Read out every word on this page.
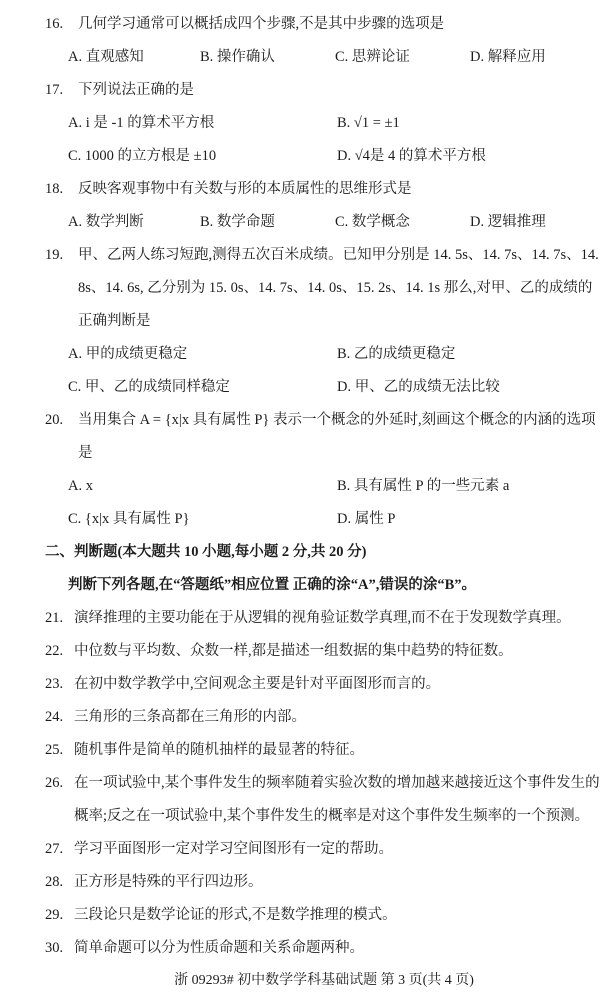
16.	几何学习通常可以概括成四个步骤,不是其中步骤的选项是
A. 直观感知	B. 操作确认	C. 思辨论证	D. 解释应用
17.	下列说法正确的是
A. i 是 -1 的算术平方根	B. √1 = ±1
C. 1000 的立方根是 ±10	D. √4是 4 的算术平方根
18.	反映客观事物中有关数与形的本质属性的思维形式是
A. 数学判断	B. 数学命题	C. 数学概念	D. 逻辑推理
19.	甲、乙两人练习短跑,测得五次百米成绩。已知甲分别是 14. 5s、14. 7s、14. 7s、14. 8s、14. 6s, 乙分别为 15. 0s、14. 7s、14. 0s、15. 2s、14. 1s 那么,对甲、乙的成绩的正确判断是
A. 甲的成绩更稳定	B. 乙的成绩更稳定
C. 甲、乙的成绩同样稳定	D. 甲、乙的成绩无法比较
20.	当用集合 A = {x|x 具有属性 P} 表示一个概念的外延时,刻画这个概念的内涵的选项是
A. x	B. 具有属性 P 的一些元素 a
C. {x|x 具有属性 P}	D. 属性 P
二、判断题(本大题共 10 小题,每小题 2 分,共 20 分)
判断下列各题,在“答题纸”相应位置 正确的涂“A”,错误的涂“B”。
21. 演绎推理的主要功能在于从逻辑的视角验证数学真理,而不在于发现数学真理。
22. 中位数与平均数、众数一样,都是描述一组数据的集中趋势的特征数。
23. 在初中数学教学中,空间观念主要是针对平面图形而言的。
24. 三角形的三条高都在三角形的内部。
25. 随机事件是简单的随机抽样的最显著的特征。
26. 在一项试验中,某个事件发生的频率随着实验次数的增加越来越接近这个事件发生的概率;反之在一项试验中,某个事件发生的概率是对这个事件发生频率的一个预测。
27. 学习平面图形一定对学习空间图形有一定的帮助。
28. 正方形是特殊的平行四边形。
29. 三段论只是数学论证的形式,不是数学推理的模式。
30. 简单命题可以分为性质命题和关系命题两种。
浙 09293# 初中数学学科基础试题 第 3 页(共 4 页)
